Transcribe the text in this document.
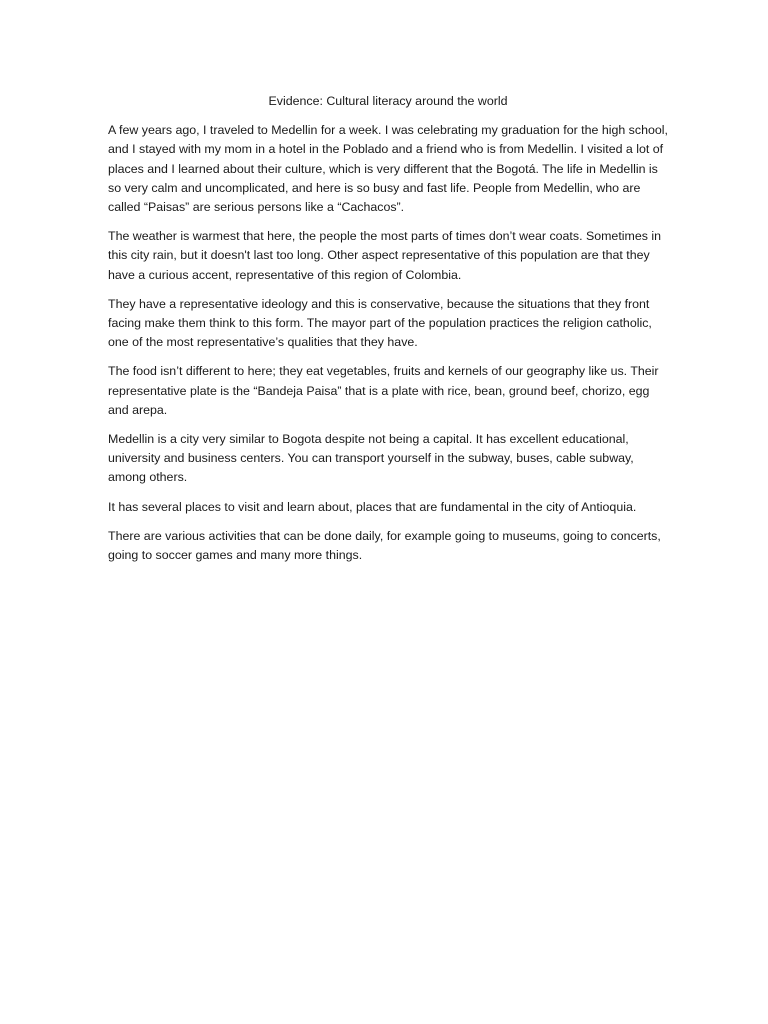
Evidence: Cultural literacy around the world

A few years ago, I traveled to Medellin for a week. I was celebrating my graduation for the high school, and I stayed with my mom in a hotel in the Poblado and a friend who is from Medellin. I visited a lot of places and I learned about their culture, which is very different that the Bogotá. The life in Medellin is so very calm and uncomplicated, and here is so busy and fast life. People from Medellin, who are called “Paisas” are serious persons like a “Cachacos”.

The weather is warmest that here, the people the most parts of times don’t wear coats. Sometimes in this city rain, but it doesn't last too long. Other aspect representative of this population are that they have a curious accent, representative of this region of Colombia.

They have a representative ideology and this is conservative, because the situations that they front facing make them think to this form. The mayor part of the population practices the religion catholic, one of the most representative’s qualities that they have.

The food isn’t different to here; they eat vegetables, fruits and kernels of our geography like us. Their representative plate is the “Bandeja Paisa” that is a plate with rice, bean, ground beef, chorizo, egg and arepa.

Medellin is a city very similar to Bogota despite not being a capital. It has excellent educational, university and business centers. You can transport yourself in the subway, buses, cable subway, among others.

It has several places to visit and learn about, places that are fundamental in the city of Antioquia.

There are various activities that can be done daily, for example going to museums, going to concerts, going to soccer games and many more things.
